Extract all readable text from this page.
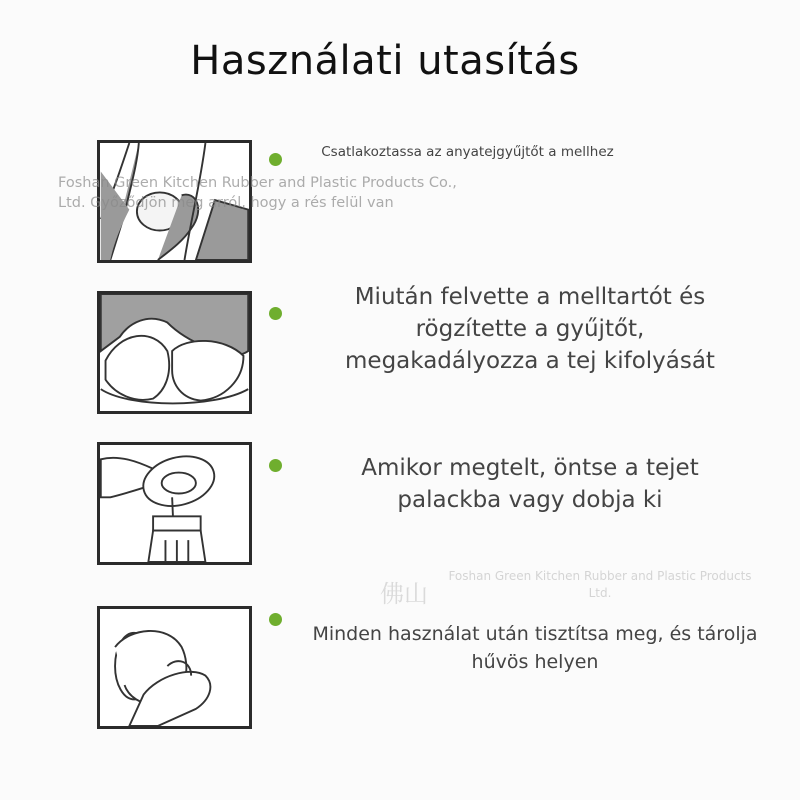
Használati utasítás
Csatlakoztassa az anyatejgyűjtőt a mellhez
Miután felvette a melltartót és rögzítette a gyűjtőt, megakadályozza a tej kifolyását
Amikor megtelt, öntse a tejet palackba vagy dobja ki
Minden használat után tisztítsa meg, és tárolja hűvös helyen
Foshan Green Kitchen Rubber and Plastic Products Co., Ltd. Győződjön meg arról, hogy a rés felül van
佛山
Foshan Green Kitchen Rubber and Plastic Products Ltd.
